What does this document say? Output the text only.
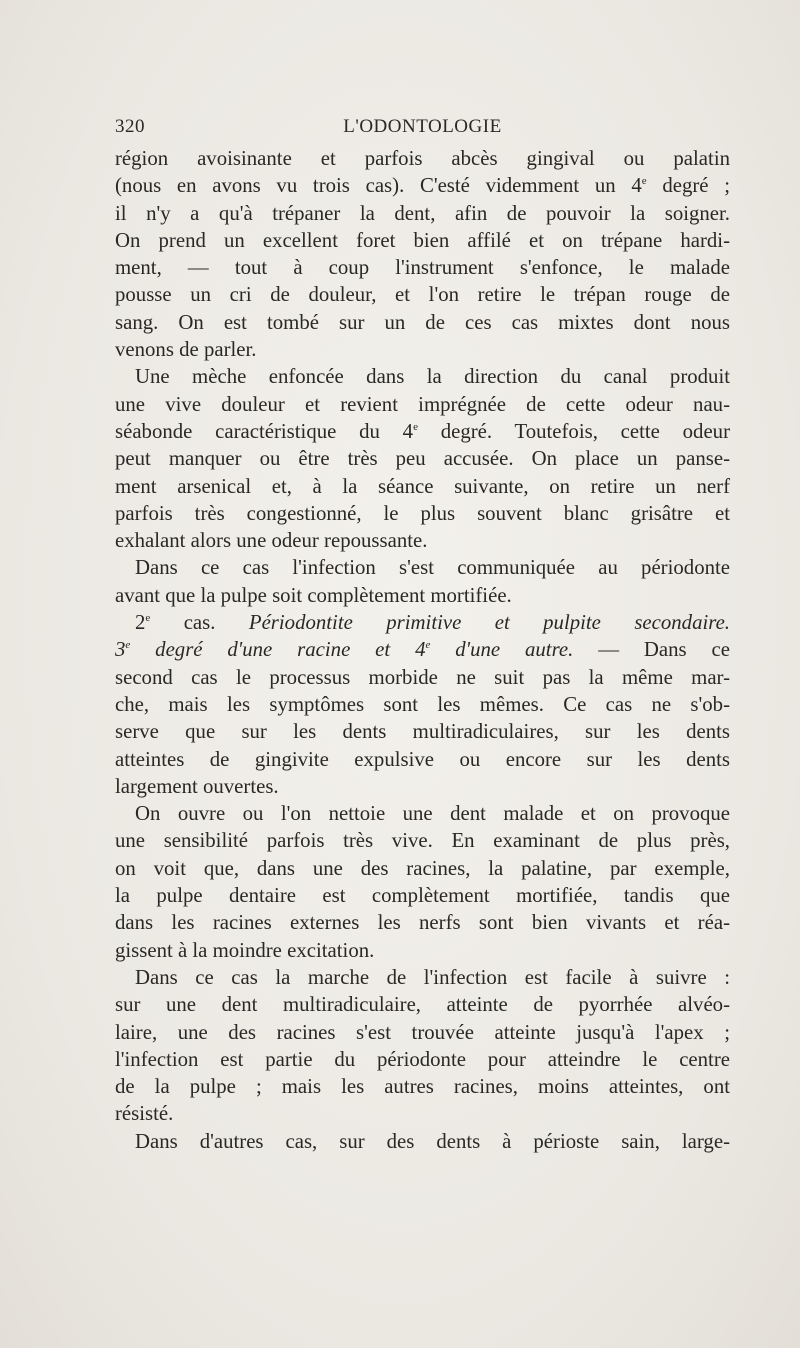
320	L'ODONTOLOGIE
région avoisinante et parfois abcès gingival ou palatin
(nous en avons vu trois cas). C'esté videmment un 4e degré ;
il n'y a qu'à trépaner la dent, afin de pouvoir la soigner.
On prend un excellent foret bien affilé et on trépane hardi-
ment, — tout à coup l'instrument s'enfonce, le malade
pousse un cri de douleur, et l'on retire le trépan rouge de
sang. On est tombé sur un de ces cas mixtes dont nous
venons de parler.
Une mèche enfoncée dans la direction du canal produit
une vive douleur et revient imprégnée de cette odeur nau-
séabonde caractéristique du 4e degré. Toutefois, cette odeur
peut manquer ou être très peu accusée. On place un panse-
ment arsenical et, à la séance suivante, on retire un nerf
parfois très congestionné, le plus souvent blanc grisâtre et
exhalant alors une odeur repoussante.
Dans ce cas l'infection s'est communiquée au périodonte
avant que la pulpe soit complètement mortifiée.
2e cas. Périodontite primitive et pulpite secondaire.
3e degré d'une racine et 4e d'une autre. — Dans ce
second cas le processus morbide ne suit pas la même mar-
che, mais les symptômes sont les mêmes. Ce cas ne s'ob-
serve que sur les dents multiradiculaires, sur les dents
atteintes de gingivite expulsive ou encore sur les dents
largement ouvertes.
On ouvre ou l'on nettoie une dent malade et on provoque
une sensibilité parfois très vive. En examinant de plus près,
on voit que, dans une des racines, la palatine, par exemple,
la pulpe dentaire est complètement mortifiée, tandis que
dans les racines externes les nerfs sont bien vivants et réa-
gissent à la moindre excitation.
Dans ce cas la marche de l'infection est facile à suivre :
sur une dent multiradiculaire, atteinte de pyorrhée alvéo-
laire, une des racines s'est trouvée atteinte jusqu'à l'apex ;
l'infection est partie du périodonte pour atteindre le centre
de la pulpe ; mais les autres racines, moins atteintes, ont
résisté.
Dans d'autres cas, sur des dents à périoste sain, large-
